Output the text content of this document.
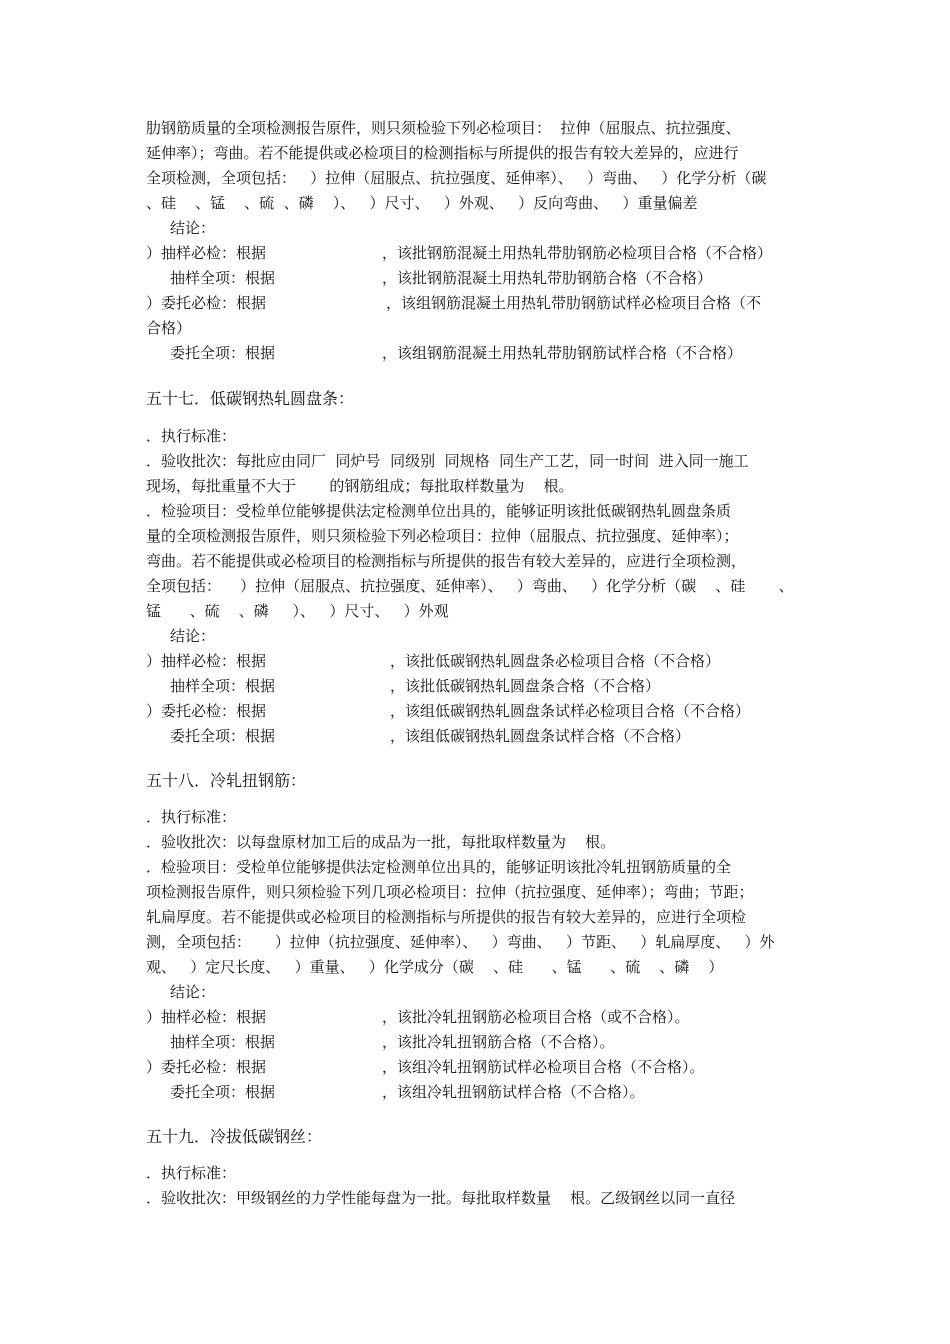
肋钢筋质量的全项检测报告原件，则只须检验下列必检项目：  拉伸（屈服点、抗拉强度、
延伸率）；弯曲。若不能提供或必检项目的检测指标与所提供的报告有较大差异的，应进行
全项检测，全项包括：   ）拉伸（屈服点、抗拉强度、延伸率）、   ）弯曲、   ）化学分析（碳
、硅    、锰    、硫  、磷    ）、   ）尺寸、   ）外观、   ）反向弯曲、   ）重量偏差
结论：

）抽样必检：根据

	，该批钢筋混凝土用热轧带肋钢筋必检项目合格（不合格）

抽样全项：根据

	，该批钢筋混凝土用热轧带肋钢筋合格（不合格）

）委托必检：根据

	，该组钢筋混凝土用热轧带肋钢筋试样必检项目合格（不

合格）

委托全项：根据

	，该组钢筋混凝土用热轧带肋钢筋试样合格（不合格）

五十七．低碳钢热轧圆盘条：
．执行标准：
．验收批次：每批应由同厂  同炉号  同级别  同规格  同生产工艺，同一时间  进入同一施工
现场，每批重量不大于       的钢筋组成；每批取样数量为    根。
．检验项目：受检单位能够提供法定检测单位出具的，能够证明该批低碳钢热轧圆盘条质
量的全项检测报告原件，则只须检验下列必检项目：拉伸（屈服点、抗拉强度、延伸率）；
弯曲。若不能提供或必检项目的检测指标与所提供的报告有较大差异的，应进行全项检测，
全项包括：    ）拉伸（屈服点、抗拉强度、延伸率）、   ）弯曲、   ）化学分析（碳    、硅       、
锰      、硫    、磷     ）、   ）尺寸、   ）外观
结论：

）抽样必检：根据

	，该批低碳钢热轧圆盘条必检项目合格（不合格）

抽样全项：根据

	，该批低碳钢热轧圆盘条合格（不合格）

）委托必检：根据

	，该组低碳钢热轧圆盘条试样必检项目合格（不合格）

委托全项：根据

	，该组低碳钢热轧圆盘条试样合格（不合格）

五十八．冷轧扭钢筋：
．执行标准：
．验收批次：以每盘原材加工后的成品为一批，每批取样数量为    根。
．检验项目：受检单位能够提供法定检测单位出具的，能够证明该批冷轧扭钢筋质量的全
项检测报告原件，则只须检验下列几项必检项目：拉伸（抗拉强度、延伸率）；弯曲；节距；
轧扁厚度。若不能提供或必检项目的检测指标与所提供的报告有较大差异的，应进行全项检
测，全项包括：     ）拉伸（抗拉强度、延伸率）、   ）弯曲、   ）节距、   ）轧扁厚度、   ）外
观、   ）定尺长度、   ）重量、   ）化学成分（碳    、硅      、锰      、硫    、磷    ）
结论：

）抽样必检：根据

	，该批冷轧扭钢筋必检项目合格（或不合格）。

抽样全项：根据

	，该批冷轧扭钢筋合格（不合格）。

）委托必检：根据

	，该组冷轧扭钢筋试样必检项目合格（不合格）。

委托全项：根据

	，该组冷轧扭钢筋试样合格（不合格）。

五十九．冷拔低碳钢丝：
．执行标准：
．验收批次：甲级钢丝的力学性能每盘为一批。每批取样数量    根。乙级钢丝以同一直径
